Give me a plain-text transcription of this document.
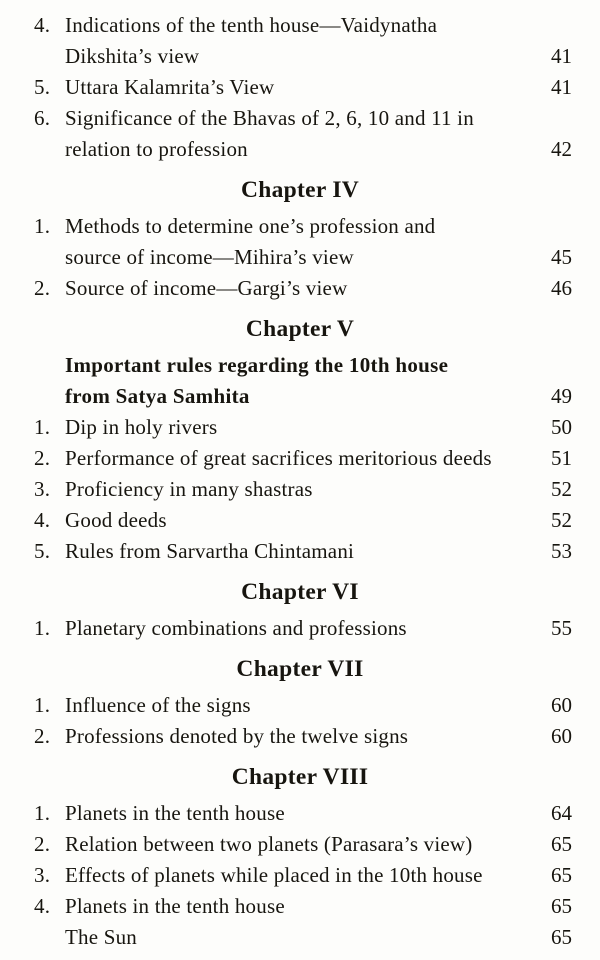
4. Indications of the tenth house—Vaidynatha
Dikshita’s view	41
5. Uttara Kalamrita’s View	41
6. Significance of the Bhavas of 2, 6, 10 and 11 in
relation to profession	42
Chapter IV
1. Methods to determine one’s profession and
source of income—Mihira’s view	45
2. Source of income—Gargi’s view	46
Chapter V
Important rules regarding the 10th house
from Satya Samhita	49
1. Dip in holy rivers	50
2. Performance of great sacrifices meritorious deeds	51
3. Proficiency in many shastras	52
4. Good deeds	52
5. Rules from Sarvartha Chintamani	53
Chapter VI
1. Planetary combinations and professions	55
Chapter VII
1. Influence of the signs	60
2. Professions denoted by the twelve signs	60
Chapter VIII
1. Planets in the tenth house	64
2. Relation between two planets (Parasara’s view)	65
3. Effects of planets while placed in the 10th house	65
4. Planets in the tenth house	65
The Sun	65
